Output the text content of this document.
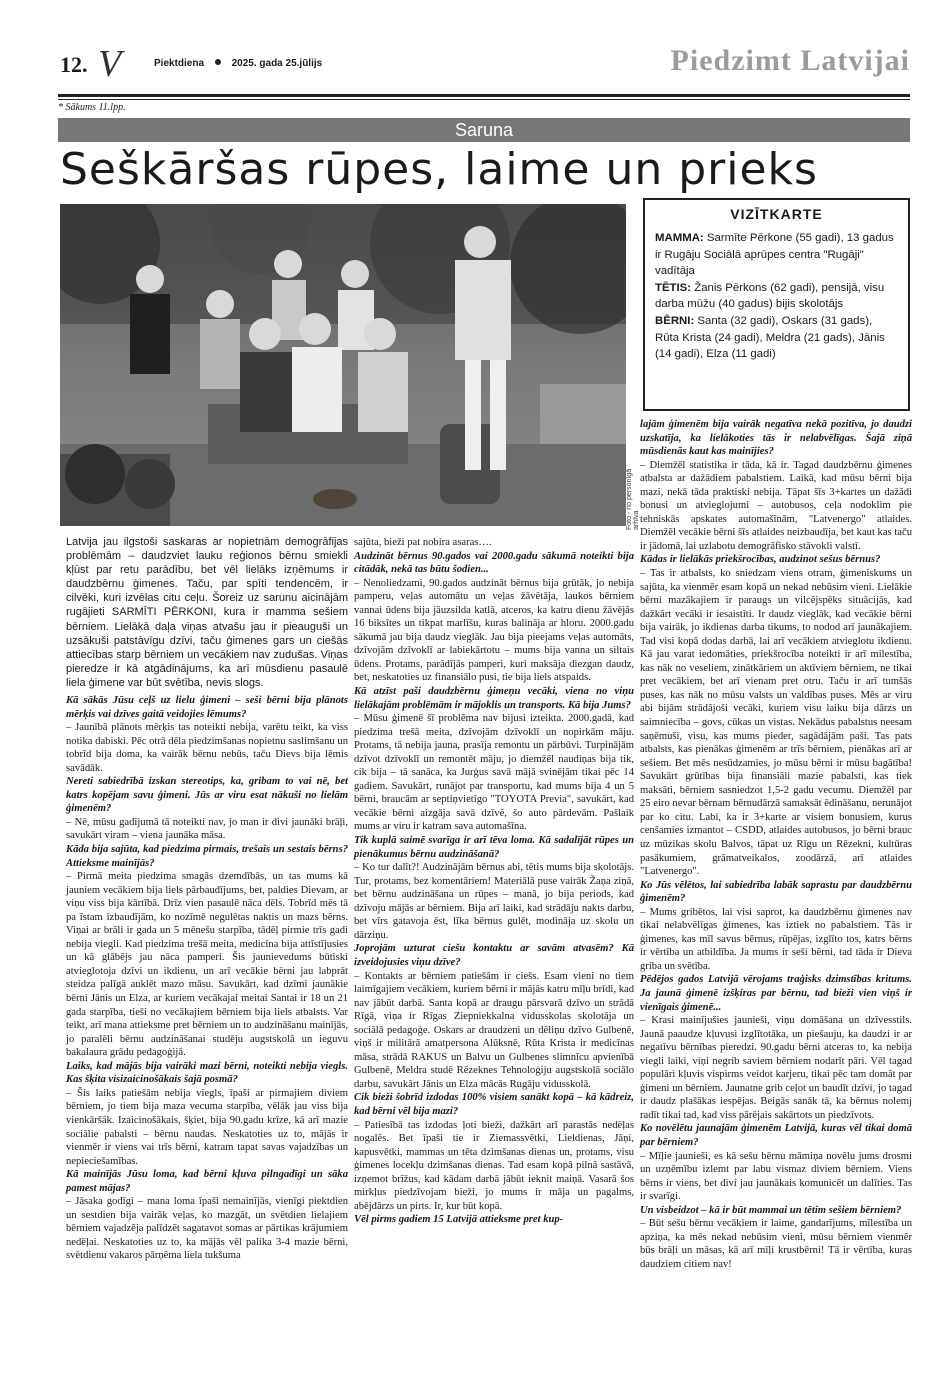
12. V	Piektdiena	2025. gada 25.jūlijs	Piedzimt Latvijai
* Sākums 11.lpp.
Saruna
Seškāršas rūpes, laime un prieks
Foto - no personīgā arhīva
VIZĪTKARTE

MAMMA: Sarmīte Pērkone (55 gadi), 13 gadus ir Rugāju Sociālā aprūpes centra "Rugāji" vadītāja

TĒTIS: Žanis Pērkons (62 gadi), pensijā, visu darba mūžu (40 gadus) bijis skolotājs

BĒRNI: Santa (32 gadi), Oskars (31 gads), Rūta Krista (24 gadi), Meldra (21 gads), Jānis (14 gadi), Elza (11 gadi)

Latvija jau ilgstoši saskaras ar nopietnām demogrāfijas problēmām – daudzviet lauku reģionos bērnu smiekli kļūst par retu parādību, bet vēl lielāks izņēmums ir daudzbērnu ģimenes. Taču, par spīti tendencēm, ir cilvēki, kuri izvēlas citu ceļu. Šoreiz uz sarunu aicinājām rugājieti SARMĪTI PĒRKONI, kura ir mamma sešiem bērniem. Lielākā daļa viņas atvašu jau ir pieauguši un uzsākuši patstāvīgu dzīvi, taču ģimenes gars un ciešās attiecības starp bērniem un vecākiem nav zudušas. Viņas pieredze ir kā atgādinājums, ka arī mūsdienu pasaulē liela ģimene var būt svētība, nevis slogs.

Kā sākās Jūsu ceļš uz lielu ģimeni – seši bērni bija plānots mērķis vai dzīves gaitā veidojies lēmums?

– Jaunībā plānots mērķis tas noteikti nebija, varētu teikt, ka viss notika dabiski. Pēc otrā dēla piedzimšanas nopietnu saslimšanu un tobrīd bija doma, ka vairāk bērnu nebūs, taču Dievs bija lēmis savādāk.

Nereti sabiedrībā izskan stereotips, ka, gribam to vai nē, bet katrs kopējam savu ģimeni. Jūs ar viru esat nākuši no lielām ģimenēm?

– Nē, mūsu gadījumā tā noteikti nav, jo man ir divi jaunāki brāļi, savukārt viram – viena jaunāka māsa.

Kāda bija sajūta, kad piedzima pirmais, trešais un sestais bērns? Attieksme mainījās?

– Pirmā meita piedzima smagās dzemdībās, un tas mums kā jauniem vecākiem bija liels pārbaudījums, bet, paldies Dievam, ar viņu viss bija kārtībā. Drīz vien pasaulē nāca dēls. Tobrīd mēs tā pa īstam izbaudījām, ko nozīmē negulētas naktis un mazs bērns. Viņai ar brāli ir gada un 5 mēnešu starpība, tādēļ pirmie trīs gadi nebija viegli. Kad piedzima trešā meita, medicīna bija attīstījusies un kā glābējs jau nāca pamperi. Šis jaunievedums būtiski atvieglotoja dzīvi un ikdienu, un arī vecākie bērni jau labprāt steidza palīgā auklēt mazo māsu. Savukārt, kad dzīmi jaunākie bērni Jānis un Elza, ar kuriem vecākajai meitai Santai ir 18 un 21 gada starpība, tieši no vecākajiem bērniem bija liels atbalsts. Var teikt, arī mana attieksme pret bērniem un to audzināšanu mainījās, jo paralēli bērnu audzināšanai studēju augstskolā un ieguvu bakalaura grādu pedagoģijā.

Laiks, kad mājās bija vairāki mazi bērni, noteikti nebija viegls. Kas šķita visizaicinošākais šajā posmā?

– Šis laiks patiešām nebija viegls, īpaši ar pirmajiem diviem bērniem, jo tiem bija maza vecuma starpība, vēlāk jau viss bija vienkāršāk. Izaicinošākais, šķiet, bija 90.gadu krīze, kā arī mazie sociālie pabalsti – bērnu naudas. Neskatoties uz to, mājās ir vienmēr ir viens vai trīs bērni, katram tapat savas vajadzības un nepieciešamības.

Kā mainījās Jūsu loma, kad bērni kļuva pilngadīgi un sāka pamest mājas?

– Jāsaka godīgi – mana loma īpaši nemainījās, vienīgi piektdien un sestdien bija vairāk veļas, ko mazgāt, un svētdien lielajiem bērniem vajadzēja palīdzēt sagatavot somas ar pārtikas krājumiem nedēļai. Neskatoties uz to, ka mājās vēl palika 3-4 mazie bērni, svētdienu vakaros pārņēma liela tukšuma

sajūta, bieži pat nobira asaras….

Audzināt bērnus 90.gados vai 2000.gadu sākumā noteikti bija citādāk, nekā tas būtu šodien...

– Nenoliedzami, 90.gados audzināt bērnus bija grūtāk, jo nebija pamperu, veļas automātu un veļas žāvētāja, laukos bērniem vannai ūdens bija jāuzsilda katlā, atceros, ka katru dienu žāvējās 16 biksītes un tikpat marlīšu, kuras balināja ar hloru. 2000.gadu sākumā jau bija daudz vieglāk. Jau bija pieejams veļas automāts, dzīvojām dzīvoklī ar labiekārtotu – mums bija vanna un siltais ūdens. Protams, parādījās pamperi, kuri maksāja diezgan daudz, bet, neskatoties uz finansiālo pusi, tie bija liels atspaids.

Kā atzīst paši daudzbērnu ģimeņu vecāki, viena no viņu lielākajām problēmām ir mājoklis un transports. Kā bija Jums?

– Mūsu ģimenē šī problēma nav bijusi izteikta. 2000.gadā, kad piedzima trešā meita, dzīvojām dzīvoklī un nopirkām māju. Protams, tā nebija jauna, prasīja remontu un pārbūvi. Turpinājām dzīvot dzīvoklī un remontēt māju, jo diemžēl naudiņas bija tik, cik bija – tā sanāca, ka Jurģus savā mājā svinējām tikai pēc 14 gadiem. Savukārt, runājot par transportu, kad mums bija 4 un 5 bērni, braucām ar septiņvietīgo "TOYOTA Previa", savukārt, kad vecākie bērni aizgāja savā dzīvē, šo auto pārdevām. Pašlaik mums ar viru ir katram sava automašīna.

Tik kuplā saimē svarīga ir arī tēva loma. Kā sadalījāt rūpes un pienākumus bērnu audzināšanā?

– Ko tur dalīt?! Audzinājām bērnus abi, tētis mums bija skolotājs. Tur, protams, bez komentāriem! Materiālā puse vairāk Žaņa ziņā, bet bērnu audzināšana un rūpes – manā, jo bija periods, kad dzīvoju mājās ar bērniem. Bija arī laiki, kad strādāju nakts darbu, bet vīrs gatavoja ēst, līka bērnus gulēt, modināja uz skolu un dārziņu.

Joprojām uzturat ciešu kontaktu ar savām atvasēm? Kā izveidojusies viņu dzīve?

– Kontakts ar bērniem patiešām ir ciešs. Esam vieni no tiem laimīgajiem vecākiem, kuriem bērni ir mājās katru mīļu brīdi, kad nav jābūt darbā. Santa kopā ar draugu pārsvarā dzīvo un strādā Rīgā, viņa ir Rīgas Ziepniekkalna vidusskolas skolotāja un sociālā pedagoģe. Oskars ar draudzeni un dēliņu dzīvo Gulbenē, viņš ir militārā amatpersona Alūksnē, Rūta Krista ir medicīnas māsa, strādā RAKUS un Balvu un Gulbenes slimnīcu apvienībā Gulbenē, Meldra studē Rēzeknes Tehnoloģiju augstskolā sociālo darbu, savukārt Jānis un Elza mācās Rugāju vidusskolā.

Cik bieži šobrīd izdodas 100% visiem sanākt kopā – kā kādreiz, kad bērni vēl bija mazi?

– Patiesībā tas izdodas ļoti bieži, dažkārt arī parastās nedēļas nogalēs. Bet īpaši tie ir Ziemassvētki, Lieldienas, Jāņi, kapusvētki, mammas un tēta dzimšanas dienas un, protams, visu ģimenes locekļu dzimšanas dienas. Tad esam kopā pilnā sastāvā, izņemot brīžus, kad kādam darbā jābūt ieknit maiņā. Vasarā šos mirkļus piedzīvojam bieži, jo mums ir māja un pagalms, abējdārzs un pirts. Ir, kur būt kopā.

Vēl pirms gadiem 15 Latvijā attieksme pret kup-

lajām ģimenēm bija vairāk negatīva nekā pozitīva, jo daudzi uzskatīja, ka lielākoties tās ir nelabvēlīgas. Šajā ziņā mūsdienās kaut kas mainījies?

– Diemžēl statistika ir tāda, kā ir. Tagad daudzbērnu ģimenes atbalsta ar dažādiem pabalstiem. Laikā, kad mūsu bērni bija mazi, nekā tāda praktiski nebija. Tāpat šīs 3+kartes un dažādi bonusi un atvieglojumi – autobusos, ceļa nodoklim pie tehniskās apskates automašīnām, "Latvenergo" atlaides. Diemžēl vecākie bērni šīs atlaides neizbaudīja, bet kaut kas taču ir jādomā, lai uzlabotu demogrāfisko stāvokli valstī.

Kādas ir lielākās priekšrocības, audzinot sešus bērnus?

– Tas ir atbalsts, ko sniedzam viens otram, ģimeniskums un sajūta, ka vienmēr esam kopā un nekad nebūsim vieni. Lielākie bērni mazākajiem ir paraugs un vilcējspēks situācijās, kad dažkārt vecāki ir iesaistīti. Ir daudz vieglāk, kad vecākie bērni bija vairāk, jo ikdienas darba tikums, to nodod arī jaunākajiem. Tad visi kopā dodas darbā, lai arī vecākiem atvieglotu ikdienu. Kā jau varat iedomāties, priekšrocība noteikti ir arī milestība, kas nāk no veseliem, zinātkāriem un aktīviem bērniem, ne tikai pret vecākiem, bet arī vienam pret otru. Taču ir arī tumšās puses, kas nāk no mūsu valsts un valdības puses. Mēs ar viru abi bijām strādājoši vecāki, kuriem visu laiku bija dārzs un saimniecība – govs, cūkas un vistas. Nekādus pabalstus neesam saņēmuši, visu, kas mums pieder, sagādājām paši. Tas pats atbalsts, kas pienākas ģimenēm ar trīs bērniem, pienākas arī ar sešiem. Bet mēs nesūdzamies, jo mūsu bērni ir mūsu bagātība! Savukārt grūtības bija finansiāli mazie pabalsti, kas tiek maksāti, bērniem sasniedzot 1,5-2 gadu vecumu. Diemžēl par 25 eiro nevar bērnam bērnudārzā samaksāt ēdināšanu, nerunājot par ko citu. Labi, ka ir 3+karte ar visiem bonusiem, kurus cenšamies izmantot – CSDD, atlaides autobusos, jo bērni brauc uz mūzikas skolu Balvos, tāpat uz Rīgu un Rēzekni, kultūras pasākumiem, grāmatveikalos, zoodārzā, arī atlaides "Latvenergo".

Ko Jūs vēlētos, lai sabiedrība labāk saprastu par daudzbērnu ģimenēm?

– Mums gribētos, lai visi saprot, ka daudzbērnu ģimenes nav tikai nelabvēlīgas ģimenes, kas iztiek no pabalstiem. Tās ir ģimenes, kas mīl savus bērnus, rūpējas, izglīto tos, katrs bērns ir vērtība un atbildība. Ja mums ir seši bērni, tad tāda ir Dieva griba un svētība.

Pēdējos gados Latvijā vērojams traģisks dzimstības kritums. Ja jaunā ģimenē izšķiras par bērnu, tad bieži vien viņš ir vienīgais ģimenē...

– Krasi mainījušies jaunieši, viņu domāšana un dzīvesstils. Jaunā paaudze kļuvusi izglītotāka, un piešauju, ka daudzi ir ar negatīvu bērnības pieredzi. 90.gadu bērni atceras to, ka nebija viegli laiki, viņi negrib saviem bērniem nodarīt pāri. Vēl tagad populāri kļuvis vispirms veidot karjeru, tikai pēc tam domāt par ģimeni un bērniem. Jaunatne grib ceļot un baudīt dzīvi, jo tagad ir daudz plašākas iespējas. Beigās sanāk tā, ka bērnus nolemj radīt tikai tad, kad viss pārējais sakārtots un piedzīvots.

Ko novēlētu jaunajām ģimenēm Latvijā, kuras vēl tikai domā par bērniem?

– Mīļie jaunieši, es kā sešu bērnu māmiņa novēlu jums drosmi un uzņēmību izlemt par labu vismaz diviem bērniem. Viens bērns ir viens, bet divi jau jaunākais komunicēt un dalīties. Tas ir svarīgi.

Un visbeidzot – kā ir būt mammai un tētim sešiem bērniem?

– Būt sešu bērnu vecākiem ir laime, gandarījums, mīlestība un apziņa, ka mēs nekad nebūsim vieni, mūsu bērniem vienmēr būs brāļi un māsas, kā arī mīļi krustbērni! Tā ir vērtība, kuras daudziem citiem nav!
